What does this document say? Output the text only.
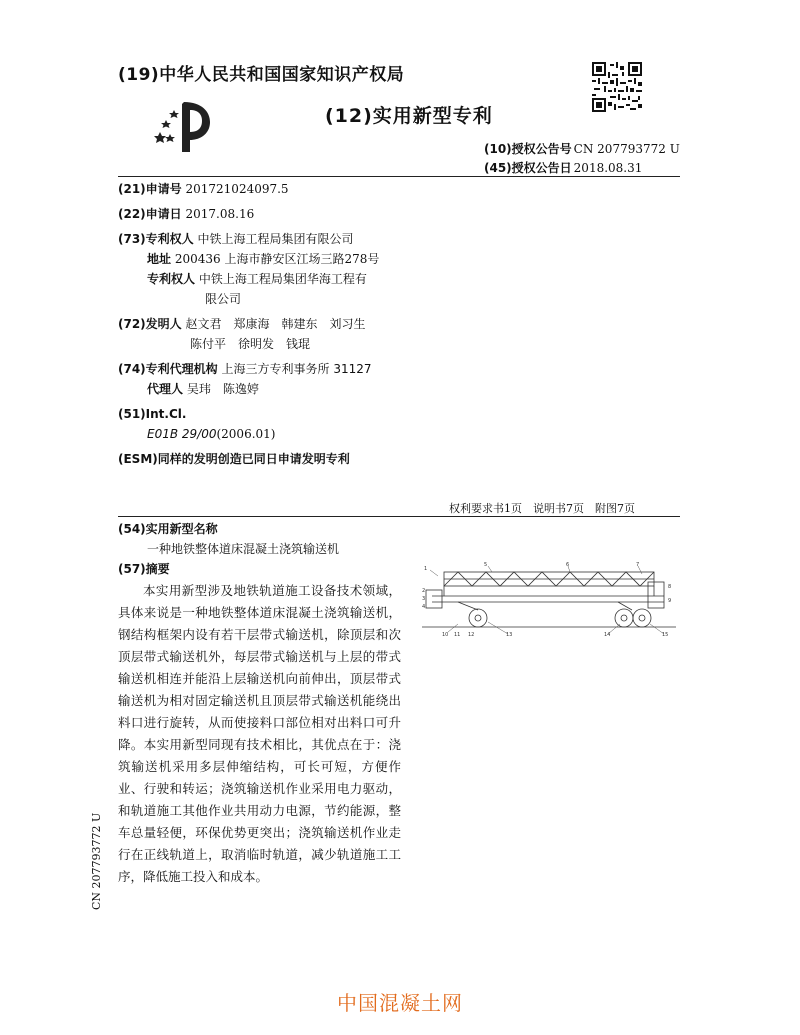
(19)中华人民共和国国家知识产权局
(12)实用新型专利
(10)授权公告号 CN 207793772 U
(45)授权公告日 2018.08.31
(21)申请号 201721024097.5
(22)申请日 2017.08.16
(73)专利权人 中铁上海工程局集团有限公司
地址 200436 上海市静安区江场三路278号
专利权人 中铁上海工程局集团华海工程有
限公司
(72)发明人 赵文君　郑康海　韩建东　刘习生
陈付平　徐明发　钱琨
(74)专利代理机构 上海三方专利事务所 31127
代理人 吴玮　陈逸婷
(51)Int.Cl.
E01B 29/00(2006.01)
(ESM)同样的发明创造已同日申请发明专利
权利要求书1页　说明书7页　附图7页
(54)实用新型名称
一种地铁整体道床混凝土浇筑输送机
(57)摘要
本实用新型涉及地铁轨道施工设备技术领域，具体来说是一种地铁整体道床混凝土浇筑输送机，钢结构框架内设有若干层带式输送机，除顶层和次顶层带式输送机外，每层带式输送机与上层的带式输送机相连并能沿上层输送机向前伸出，顶层带式输送机为相对固定输送机且顶层带式输送机能绕出料口进行旋转，从而使接料口部位相对出料口可升降。本实用新型同现有技术相比，其优点在于：浇筑输送机采用多层伸缩结构，可长可短，方便作业、行驶和转运；浇筑输送机作业采用电力驱动，和轨道施工其他作业共用动力电源，节约能源，整车总量轻便，环保优势更突出；浇筑输送机作业走行在正线轨道上，取消临时轨道，减少轨道施工工序，降低施工投入和成本。
1
2
3
4
5	6	7
8
9
10 11 12	13	14	15
CN 207793772 U
中国混凝土网
